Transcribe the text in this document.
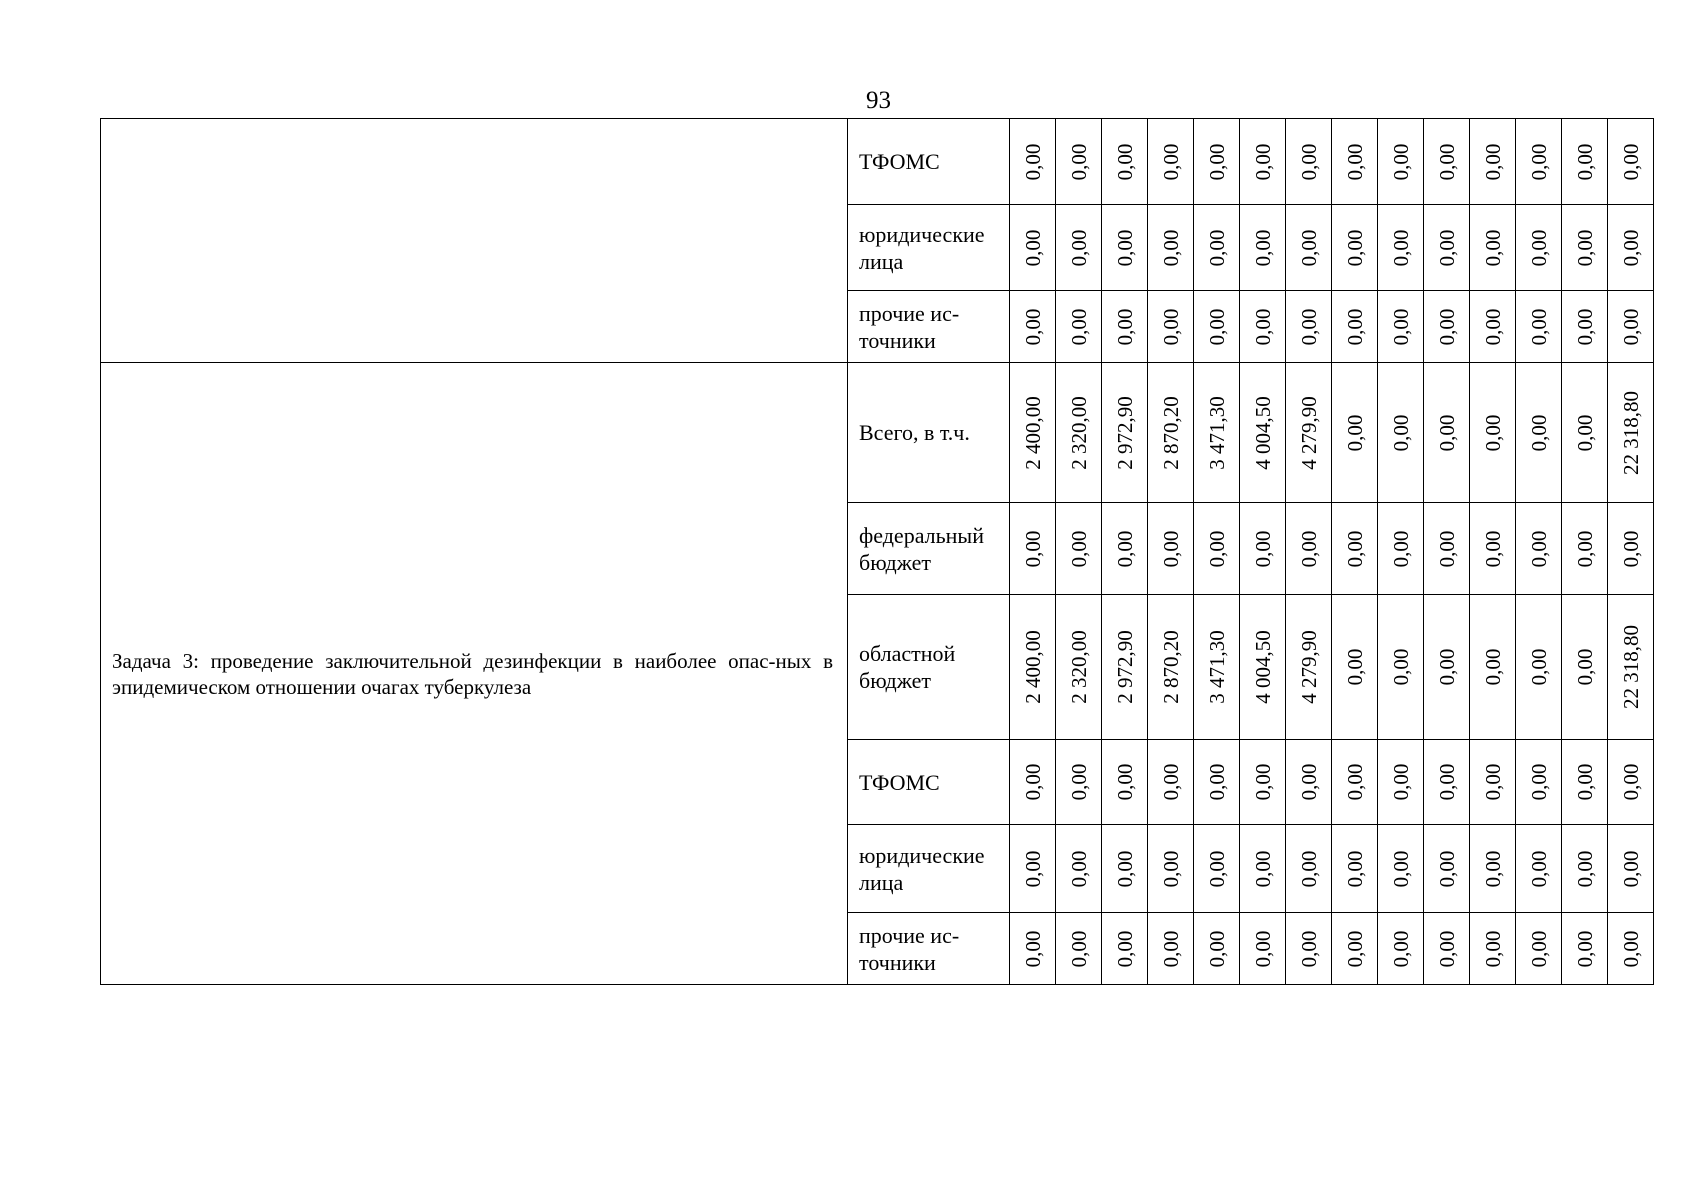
93
	ТФОМС	0,00	0,00	0,00	0,00	0,00	0,00	0,00	0,00	0,00	0,00	0,00	0,00	0,00	0,00

	юридические лица	0,00	0,00	0,00	0,00	0,00	0,00	0,00	0,00	0,00	0,00	0,00	0,00	0,00	0,00

	прочие ис-точники	0,00	0,00	0,00	0,00	0,00	0,00	0,00	0,00	0,00	0,00	0,00	0,00	0,00	0,00

Задача 3: проведение заключительной дезинфекции в наиболее опас-ных в эпидемическом отношении очагах туберкулеза	Всего, в т.ч.	2 400,00	2 320,00	2 972,90	2 870,20	3 471,30	4 004,50	4 279,90	0,00	0,00	0,00	0,00	0,00	0,00	22 318,80

	федеральный бюджет	0,00	0,00	0,00	0,00	0,00	0,00	0,00	0,00	0,00	0,00	0,00	0,00	0,00	0,00

	областной бюджет	2 400,00	2 320,00	2 972,90	2 870,20	3 471,30	4 004,50	4 279,90	0,00	0,00	0,00	0,00	0,00	0,00	22 318,80

	ТФОМС	0,00	0,00	0,00	0,00	0,00	0,00	0,00	0,00	0,00	0,00	0,00	0,00	0,00	0,00

	юридические лица	0,00	0,00	0,00	0,00	0,00	0,00	0,00	0,00	0,00	0,00	0,00	0,00	0,00	0,00

	прочие ис-точники	0,00	0,00	0,00	0,00	0,00	0,00	0,00	0,00	0,00	0,00	0,00	0,00	0,00	0,00
